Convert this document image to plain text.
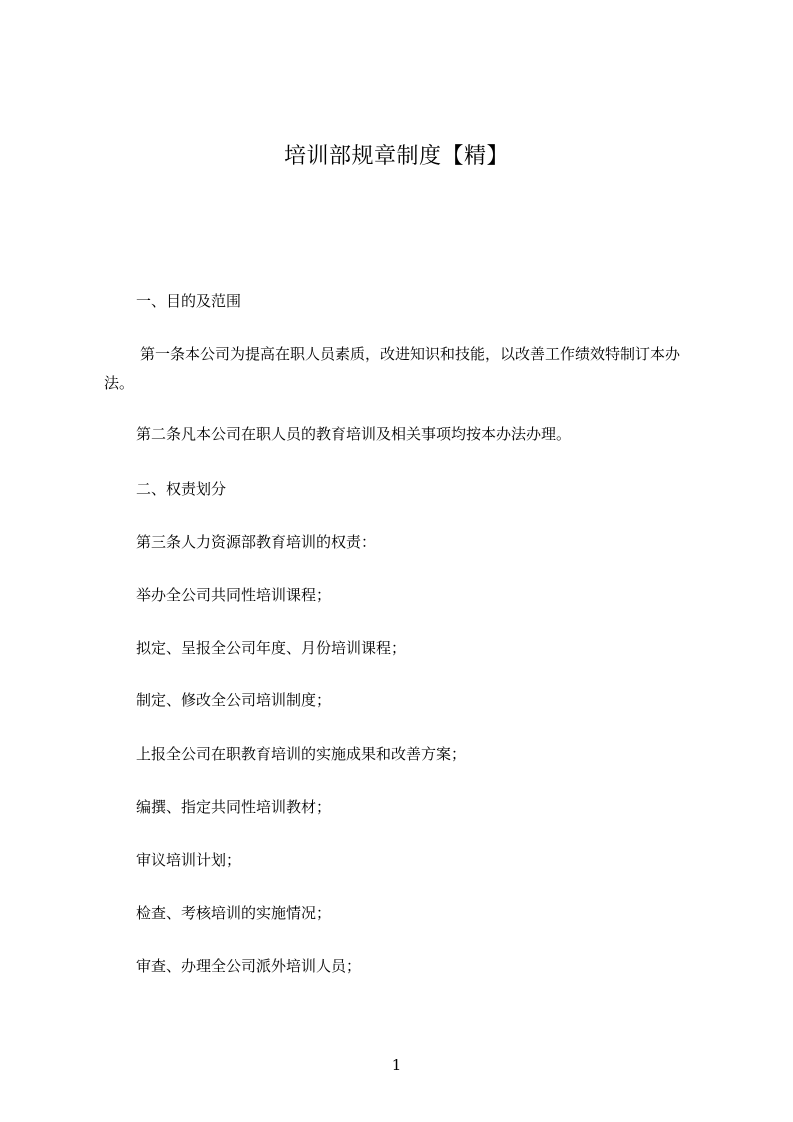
培训部规章制度【精】
一、目的及范围
第一条本公司为提高在职人员素质，改进知识和技能，以改善工作绩效特制订本办法。
第二条凡本公司在职人员的教育培训及相关事项均按本办法办理。
二、权责划分
第三条人力资源部教育培训的权责：
举办全公司共同性培训课程；
拟定、呈报全公司年度、月份培训课程；
制定、修改全公司培训制度；
上报全公司在职教育培训的实施成果和改善方案；
编撰、指定共同性培训教材；
审议培训计划；
检查、考核培训的实施情况；
审查、办理全公司派外培训人员；
1
